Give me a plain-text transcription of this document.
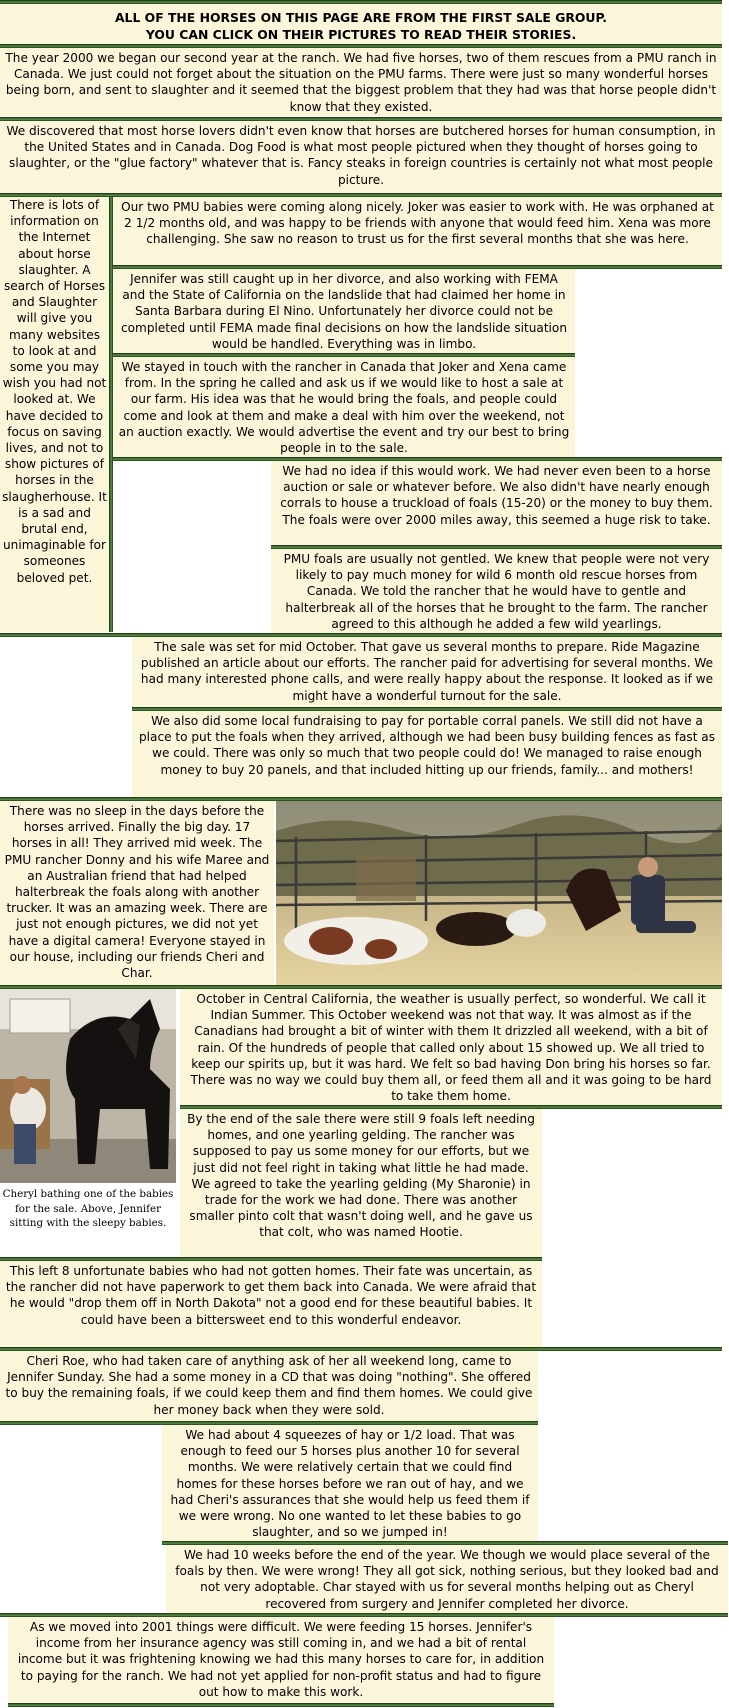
ALL OF THE HORSES ON THIS PAGE ARE FROM THE FIRST SALE GROUP.
YOU CAN CLICK ON THEIR PICTURES TO READ THEIR STORIES.
The year 2000 we began our second year at the ranch. We had five horses, two of them rescues from a PMU ranch in Canada. We just could not forget about the situation on the PMU farms. There were just so many wonderful horses being born, and sent to slaughter and it seemed that the biggest problem that they had was that horse people didn't know that they existed.
We discovered that most horse lovers didn't even know that horses are butchered horses for human consumption, in the United States and in Canada. Dog Food is what most people pictured when they thought of horses going to slaughter, or the "glue factory" whatever that is. Fancy steaks in foreign countries is certainly not what most people picture.
There is lots of information on the Internet about horse slaughter. A search of Horses and Slaughter will give you many websites to look at and some you may wish you had not looked at. We have decided to focus on saving lives, and not to show pictures of horses in the slaugherhouse. It is a sad and brutal end, unimaginable for someones beloved pet.
Our two PMU babies were coming along nicely. Joker was easier to work with. He was orphaned at 2 1/2 months old, and was happy to be friends with anyone that would feed him. Xena was more challenging. She saw no reason to trust us for the first several months that she was here.
Jennifer was still caught up in her divorce, and also working with FEMA and the State of California on the landslide that had claimed her home in Santa Barbara during El Nino. Unfortunately her divorce could not be completed until FEMA made final decisions on how the landslide situation would be handled. Everything was in limbo.
We stayed in touch with the rancher in Canada that Joker and Xena came from. In the spring he called and ask us if we would like to host a sale at our farm. His idea was that he would bring the foals, and people could come and look at them and make a deal with him over the weekend, not an auction exactly. We would advertise the event and try our best to bring people in to the sale.
We had no idea if this would work. We had never even been to a horse auction or sale or whatever before. We also didn't have nearly enough corrals to house a truckload of foals (15-20) or the money to buy them. The foals were over 2000 miles away, this seemed a huge risk to take.
PMU foals are usually not gentled. We knew that people were not very likely to pay much money for wild 6 month old rescue horses from Canada. We told the rancher that he would have to gentle and halterbreak all of the horses that he brought to the farm. The rancher agreed to this although he added a few wild yearlings.
The sale was set for mid October. That gave us several months to prepare. Ride Magazine published an article about our efforts. The rancher paid for advertising for several months. We had many interested phone calls, and were really happy about the response. It looked as if we might have a wonderful turnout for the sale.
We also did some local fundraising to pay for portable corral panels. We still did not have a place to put the foals when they arrived, although we had been busy building fences as fast as we could. There was only so much that two people could do! We managed to raise enough money to buy 20 panels, and that included hitting up our friends, family... and mothers!
There was no sleep in the days before the horses arrived. Finally the big day. 17 horses in all! They arrived mid week. The PMU rancher Donny and his wife Maree and an Australian friend that had helped halterbreak the foals along with another trucker. It was an amazing week. There are just not enough pictures, we did not yet have a digital camera! Everyone stayed in our house, including our friends Cheri and Char.
Cheryl bathing one of the babies for the sale. Above, Jennifer sitting with the sleepy babies.
October in Central California, the weather is usually perfect, so wonderful. We call it Indian Summer. This October weekend was not that way. It was almost as if the Canadians had brought a bit of winter with them It drizzled all weekend, with a bit of rain. Of the hundreds of people that called only about 15 showed up. We all tried to keep our spirits up, but it was hard. We felt so bad having Don bring his horses so far. There was no way we could buy them all, or feed them all and it was going to be hard to take them home.
By the end of the sale there were still 9 foals left needing homes, and one yearling gelding. The rancher was supposed to pay us some money for our efforts, but we just did not feel right in taking what little he had made. We agreed to take the yearling gelding (My Sharonie) in trade for the work we had done. There was another smaller pinto colt that wasn't doing well, and he gave us that colt, who was named Hootie.
This left 8 unfortunate babies who had not gotten homes. Their fate was uncertain, as the rancher did not have paperwork to get them back into Canada. We were afraid that he would "drop them off in North Dakota" not a good end for these beautiful babies. It could have been a bittersweet end to this wonderful endeavor.
Cheri Roe, who had taken care of anything ask of her all weekend long, came to Jennifer Sunday. She had a some money in a CD that was doing "nothing". She offered to buy the remaining foals, if we could keep them and find them homes. We could give her money back when they were sold.
We had about 4 squeezes of hay or 1/2 load. That was enough to feed our 5 horses plus another 10 for several months. We were relatively certain that we could find homes for these horses before we ran out of hay, and we had Cheri's assurances that she would help us feed them if we were wrong. No one wanted to let these babies to go slaughter, and so we jumped in!
We had 10 weeks before the end of the year. We though we would place several of the foals by then. We were wrong! They all got sick, nothing serious, but they looked bad and not very adoptable. Char stayed with us for several months helping out as Cheryl recovered from surgery and Jennifer completed her divorce.
As we moved into 2001 things were difficult. We were feeding 15 horses. Jennifer's income from her insurance agency was still coming in, and we had a bit of rental income but it was frightening knowing we had this many horses to care for, in addition to paying for the ranch. We had not yet applied for non-profit status and had to figure out how to make this work.
